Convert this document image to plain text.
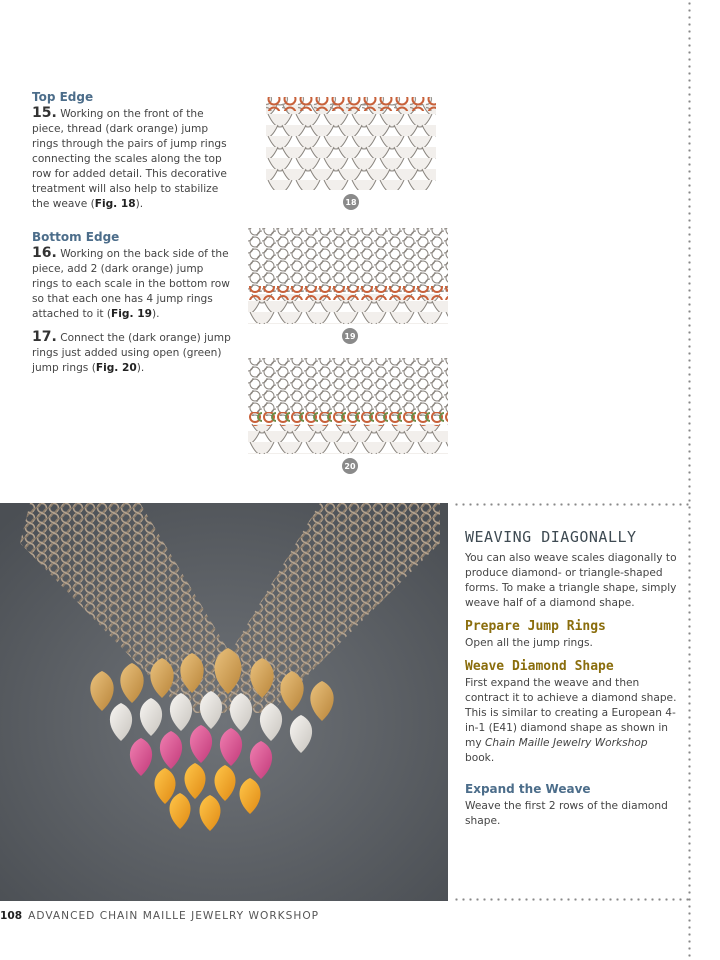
Top Edge

15. Working on the front of the piece, thread (dark orange) jump rings through the pairs of jump rings connecting the scales along the top row for added detail. This decorative treatment will also help to stabilize the weave (Fig. 18).

Bottom Edge

16. Working on the back side of the piece, add 2 (dark orange) jump rings to each scale in the bottom row so that each one has 4 jump rings attached to it (Fig. 19).

17. Connect the (dark orange) jump rings just added using open (green) jump rings (Fig. 20).

18
19
20
WEAVING DIAGONALLY

You can also weave scales diagonally to produce diamond- or triangle-shaped forms. To make a triangle shape, simply weave half of a diamond shape.

Prepare Jump Rings

Open all the jump rings.

Weave Diamond Shape

First expand the weave and then contract it to achieve a diamond shape. This is similar to creating a European 4-in-1 (E41) diamond shape as shown in my Chain Maille Jewelry Workshop book.

Expand the Weave

Weave the first 2 rows of the diamond shape.

108 ADVANCED CHAIN MAILLE JEWELRY WORKSHOP
